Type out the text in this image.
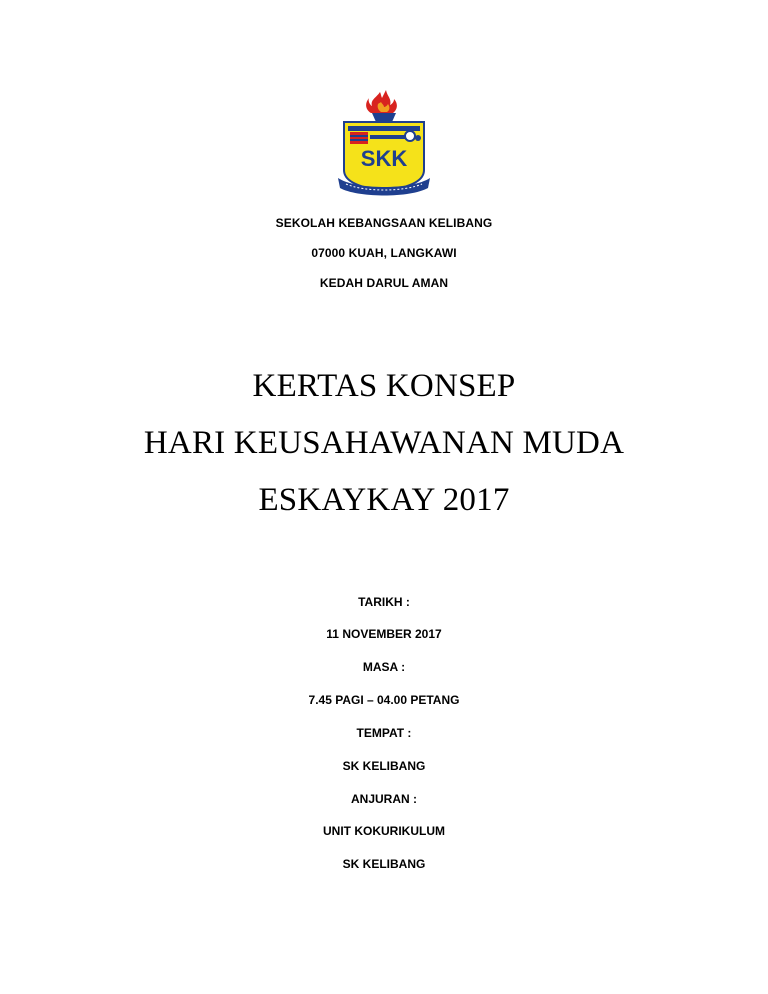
SKK
SEKOLAH KEBANGSAAN KELIBANG
07000 KUAH, LANGKAWI
KEDAH DARUL AMAN
KERTAS KONSEP
HARI KEUSAHAWANAN MUDA
ESKAYKAY 2017
TARIKH :
11 NOVEMBER 2017
MASA :
7.45 PAGI – 04.00 PETANG
TEMPAT :
SK KELIBANG
ANJURAN :
UNIT KOKURIKULUM
SK KELIBANG
